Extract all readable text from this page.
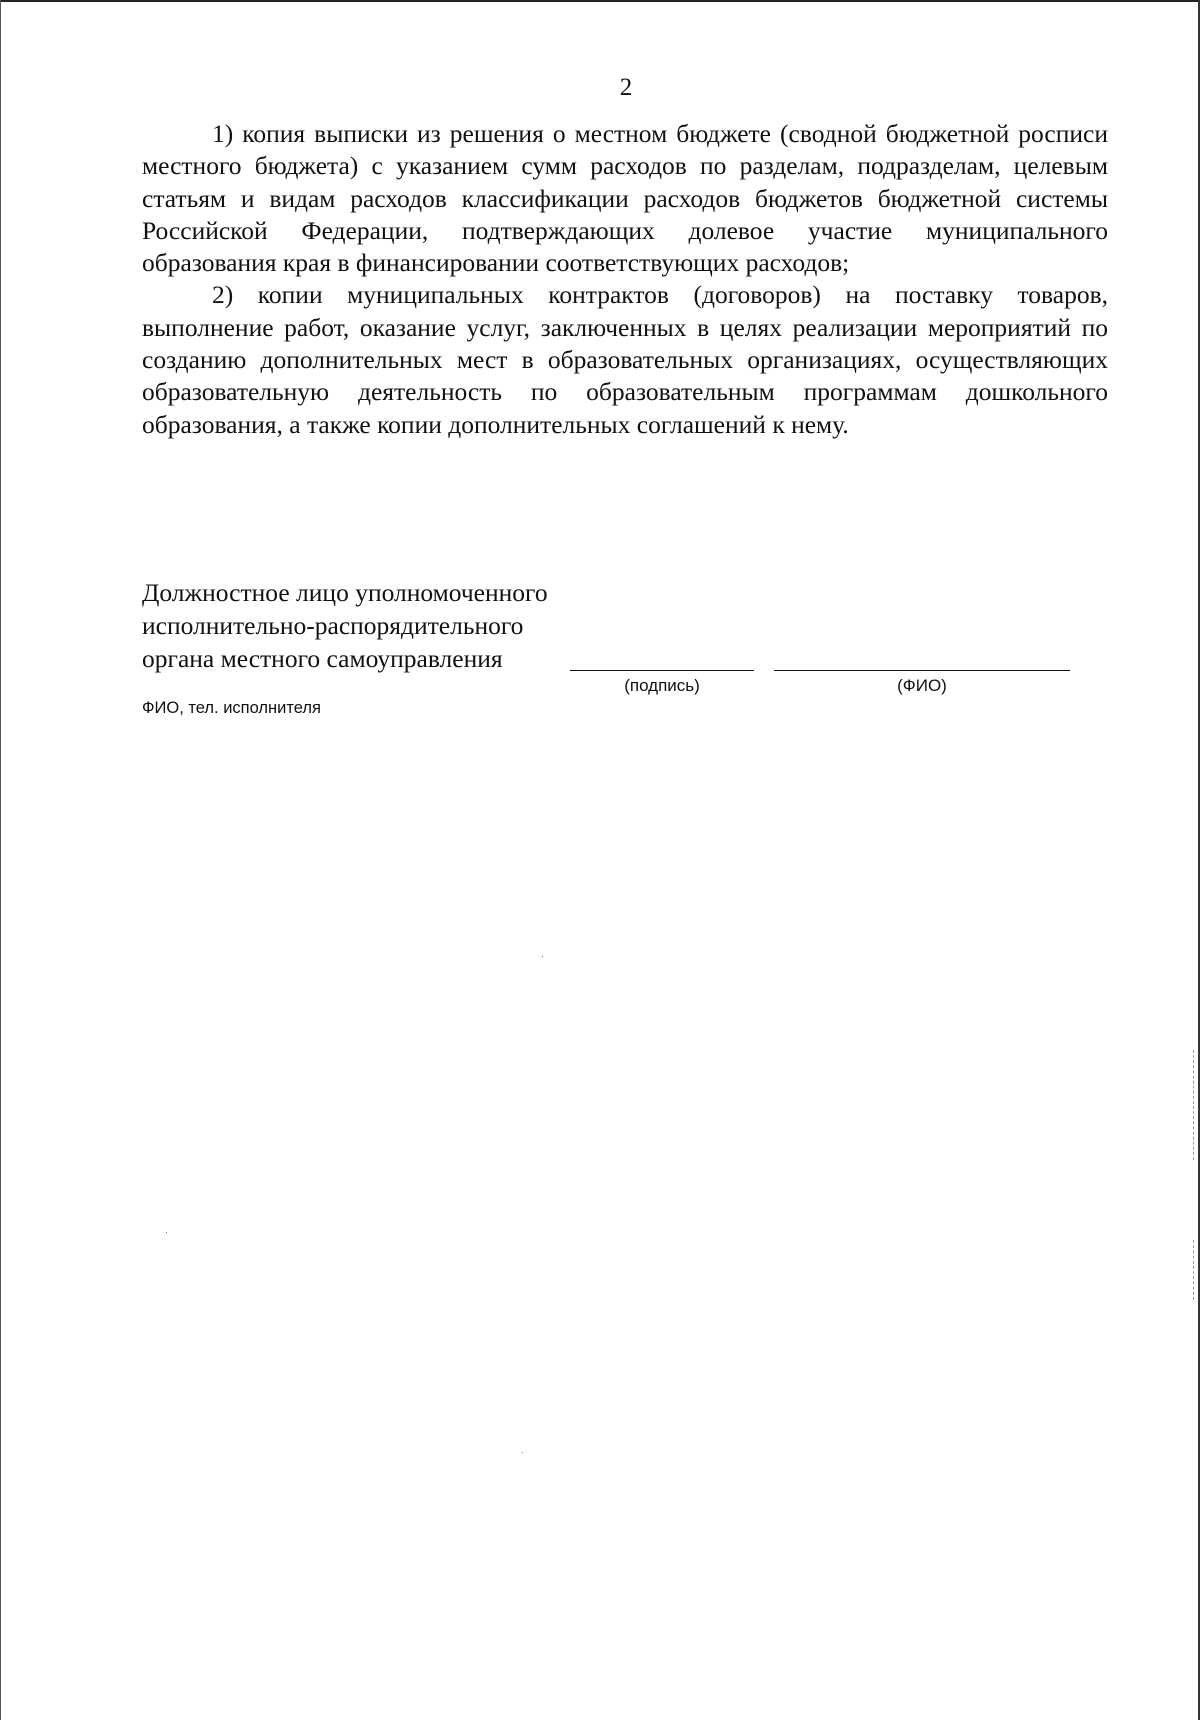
2

1) копия выписки из решения о местном бюджете (сводной бюджетной росписи местного бюджета) с указанием сумм расходов по разделам, подразделам, целевым статьям и видам расходов классификации расходов бюджетов бюджетной системы Российской Федерации, подтверждающих долевое участие муниципального образования края в финансировании соответствующих расходов;

2) копии муниципальных контрактов (договоров) на поставку товаров, выполнение работ, оказание услуг, заключенных в целях реализации мероприятий по созданию дополнительных мест в образовательных организациях, осуществляющих образовательную деятельность по образовательным программам дошкольного образования, а также копии дополнительных соглашений к нему.

Должностное лицо уполномоченного
исполнительно-распорядительного
органа местного самоуправления
(подпись)	(ФИО)
ФИО, тел. исполнителя
